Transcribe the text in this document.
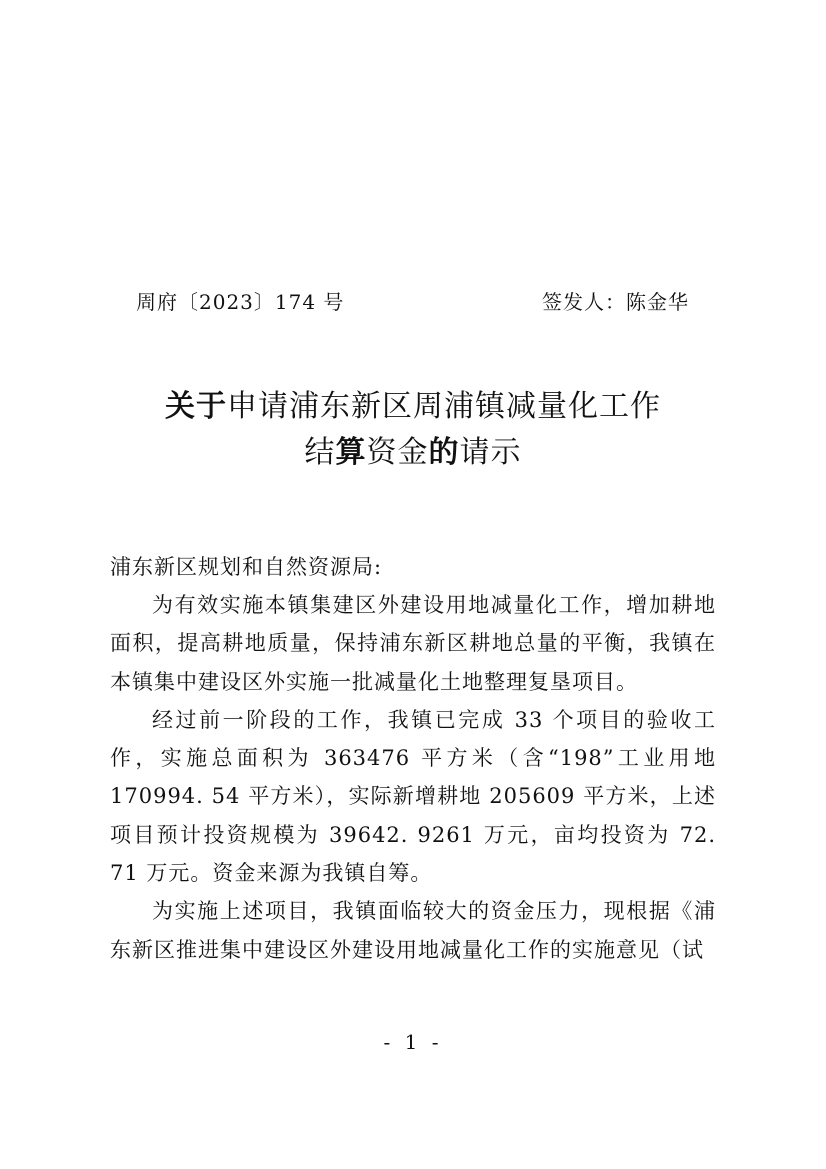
周府〔2023〕174 号	签发人：陈金华
关于申请浦东新区周浦镇减量化工作
结算资金的请示
浦东新区规划和自然资源局:

为有效实施本镇集建区外建设用地减量化工作，增加耕地面积，提高耕地质量，保持浦东新区耕地总量的平衡，我镇在本镇集中建设区外实施一批减量化土地整理复垦项目。

经过前一阶段的工作，我镇已完成 33 个项目的验收工作，实施总面积为 363476 平方米（含“198”工业用地 170994. 54 平方米），实际新增耕地 205609 平方米，上述项目预计投资规模为 39642. 9261 万元，亩均投资为 72. 71 万元。资金来源为我镇自筹。

为实施上述项目，我镇面临较大的资金压力，现根据《浦东新区推进集中建设区外建设用地减量化工作的实施意见（试

- 1 -
